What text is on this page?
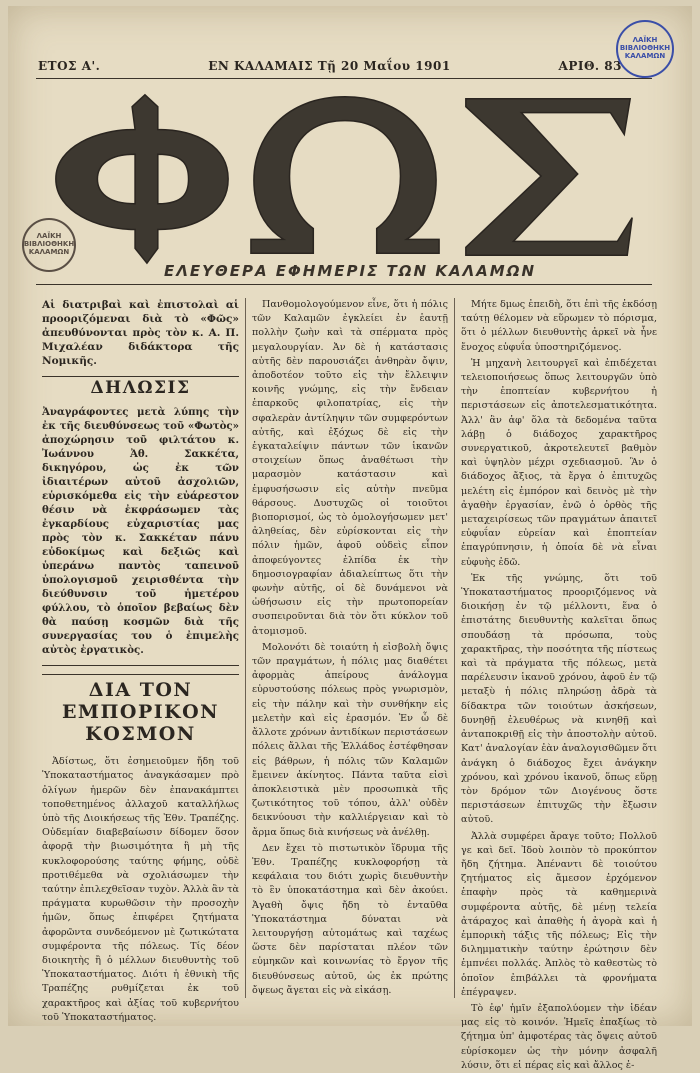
ΕΤΟΣ Α'.	ΕΝ ΚΑΛΑΜΑΙΣ Τῇ 20 Μαΐου 1901	ΑΡΙΘ. 83
ΛΑΪΚΗ ΒΙΒΛΙΟΘΗΚΗ ΚΑΛΑΜΩΝ
ΛΑΪΚΗ ΒΙΒΛΙΟΘΗΚΗ ΚΑΛΑΜΩΝ
ΕΛΕΥΘΕΡΑ ΕΦΗΜΕΡΙΣ ΤΩΝ ΚΑΛΑΜΩΝ
Αἱ διατριβαὶ καὶ ἐπιστολαὶ αἱ προοριζόμεναι διὰ τὸ «Φῶς» ἀπευθύνονται πρὸς τὸν κ. Α. Π. Μιχαλέαν διδάκτορα τῆς Νομικῆς.
ΔΗΛΩΣΙΣ
Ἀναγράφοντες μετὰ λύπης τὴν ἐκ τῆς διευθύνσεως τοῦ «Φωτὸς» ἀποχώρησιν τοῦ φιλτάτου κ. Ἰωάννου Ἀθ. Σακκέτα, δικηγόρου, ὡς ἐκ τῶν ἰδιαιτέρων αὐτοῦ ἀσχολιῶν, εὑρισκόμεθα εἰς τὴν εὐάρεστον θέσιν νὰ ἐκφράσωμεν τὰς ἐγκαρδίους εὐχαριστίας μας πρὸς τὸν κ. Σακκέταν πάνυ εὐδοκίμως καὶ δεξιῶς καὶ ὑπεράνω παντὸς ταπεινοῦ ὑπολογισμοῦ χειρισθέντα τὴν διεύθυνσιν τοῦ ἡμετέρου φύλλου, τὸ ὁποῖον βεβαίως δὲν θὰ παύσῃ κοσμῶν διὰ τῆς συνεργασίας του ὁ ἐπιμελὴς αὐτὸς ἐργατικὸς.
ΔΙΑ ΤΟΝ ΕΜΠΟΡΙΚΟΝ ΚΟΣΜΟΝ

Ἀδίστως, ὅτι ἐσημειοῦμεν ἤδη τοῦ Ὑποκαταστήματος ἀναγκάσαμεν πρὸ ὀλίγων ἡμερῶν δὲν ἐπανακάμπτει τοποθετημένος ἀλλαχοῦ καταλλήλως ὑπὸ τῆς Διοικήσεως τῆς Ἐθν. Τραπέζης. Οὐδεμίαν διαβεβαίωσιν δίδομεν ὅσον ἀφορᾷ τὴν βιωσιμότητα ἢ μὴ τῆς κυκλοφορούσης ταύτης φήμης, οὐδὲ προτιθέμεθα νὰ σχολιάσωμεν τὴν ταύτην ἐπιλεχθεῖσαν τυχὸν. Ἀλλὰ ἂν τὰ πράγματα κυρωθῶσιν τὴν προσοχὴν ἡμῶν, ὅπως ἐπιφέρει ζητήματα ἀφορῶντα συνδεόμενον μὲ ζωτικώτατα συμφέροντα τῆς πόλεως. Τίς δέον διοικητὴς ἢ ὁ μέλλων διευθυντὴς τοῦ Ὑποκαταστήματος. Διότι ἡ ἐθνικὴ τῆς Τραπέζης ρυθμίζεται ἐκ τοῦ χαρακτῆρος καὶ ἀξίας τοῦ κυβερνήτου τοῦ Ὑποκαταστήματος.

Πανθομολογούμενον εἶνε, ὅτι ἡ πόλις τῶν Καλαμῶν ἐγκλείει ἐν ἑαυτῇ πολλὴν ζωὴν καὶ τὰ σπέρματα πρὸς μεγαλουργίαν. Ἀν δὲ ἡ κατάστασις αὐτῆς δὲν παρουσιάζει ἀνθηρὰν ὄψιν, ἀποδοτέον τοῦτο εἰς τὴν ἔλλειψιν κοινῆς γνώμης, εἰς τὴν ἔνδειαν ἐπαρκοῦς φιλοπατρίας, εἰς τὴν σφαλερὰν ἀντίληψιν τῶν συμφερόντων αὐτῆς, καὶ ἐξόχως δὲ εἰς τὴν ἐγκαταλείψιν πάντων τῶν ἱκανῶν στοιχείων ὅπως ἀναθέτωσι τὴν μαρασμὸν κατάστασιν καὶ ἐμφυσήσωσιν εἰς αὐτὴν πνεῦμα θάρσους. Δυστυχῶς οἱ τοιοῦτοι βιοπορισμοί, ὡς τὸ ὁμολογήσωμεν μετ' ἀληθείας, δὲν εὐρίσκονται εἰς τὴν πόλιν ἡμῶν, ἀφοῦ οὐδεὶς εἶπον ἀποφεύγοντες ἐλπίδα ἐκ τὴν δημοσιογραφίαν ἀδιαλείπτως ὅτι τὴν φωνὴν αὐτῆς, οἱ δὲ δυνάμενοι νὰ ὠθήσωσιν εἰς τὴν πρωτοπορείαν συσπειροῦνται διὰ τὸν ὅτι κύκλον τοῦ ἀτομισμοῦ.

Μολονότι δὲ τοιαύτη ἡ εἰσβολὴ ὄψις τῶν πραγμάτων, ἡ πόλις μας διαθέτει ἀφορμὰς ἀπείρους ἀνάλογμα εὐρυστούσης πόλεως πρὸς γνωρισμὸν, εἰς τὴν πάλην καὶ τὴν συνθήκην εἰς μελετὴν καὶ εἰς ἐρασμόν. Ἐν ὧ δὲ ἄλλοτε χρόνων ἀντιδίκων περιστάσεων πόλεις ἄλλαι τῆς Ἑλλάδος ἐστέφθησαν εἰς βάθρων, ἡ πόλις τῶν Καλαμῶν ἔμεινεν ἀκίνητος. Πάντα ταῦτα εἰσὶ ἀποκλειστικὰ μὲν προσωπικὰ τῆς ζωτικότητος τοῦ τόπου, ἀλλ' οὐδὲν δεικνύουσι τὴν καλλιέργειαν καὶ τὸ ἄρμα ὅπως διὰ κινήσεως νὰ ἀνέλθῃ.

Δεν ἔχει τὸ πιστωτικὸν ἵδρυμα τῆς Ἐθν. Τραπέζης κυκλοφορήσῃ τὰ κεφάλαια του διότι χωρὶς διευθυντὴν τὸ ἓν ὑποκατάστημα καὶ δὲν ἀκούει. Ἀγαθὴ ὄψις ἤδη τὸ ἐνταῦθα Ὑποκατάστημα δύναται νὰ λειτουργήσῃ αὐτομάτως καὶ ταχέως ὥστε δὲν παρίσταται πλέον τῶν εὐμηκῶν καὶ κοινωνίας τὸ ἔργον τῆς διευθύνσεως αὐτοῦ, ὡς ἐκ πρώτης ὄψεως ἄγεται εἰς νὰ εἰκάσῃ.

Μήτε δμως ἐπειδὴ, ὅτι ἐπὶ τῆς ἐκδόσῃ ταύτῃ θέλομεν νὰ εὕρωμεν τὸ πόρισμα, ὅτι ὁ μέλλων διευθυντὴς ἀρκεῖ νὰ ἦνε ἔνοχος εὐφυΐα ὑποστηριζόμενος.

Ἡ μηχανὴ λειτουργεῖ καὶ ἐπιδέχεται τελειοποιήσεως ὅπως λειτουργῶν ὑπὸ τὴν ἐποπτείαν κυβερνήτου ἠ περιστάσεων εἰς ἀποτελεσματικότητα. Ἀλλ' ἂν ἀφ' ὅλα τὰ δεδομένα ταῦτα λάβῃ ὁ διάδοχος χαρακτῆρος συνεργατικοῦ, ἀκροτελευτεῖ βαθμὸν καὶ ὑψηλὸν μέχρι σχεδιασμοῦ. Ἂν ὁ διάδοχος ἄξιος, τὰ ἔργα ὁ ἐπιτυχῶς μελέτη εἰς ἐμπόρον καὶ δεινὸς μὲ τὴν ἀγαθὴν ἐργασίαν, ἐνῶ ὁ ὀρθὸς τῆς μεταχειρίσεως τῶν πραγμάτων ἀπαιτεῖ εὐφυΐαν εὐρείαν καὶ ἐποπτείαν ἐπαγρύπνησιν, ἡ ὁποία δὲ νὰ εἶναι εὐφυὴς ἐδῶ.

Ἐκ τῆς γνώμης, ὅτι τοῦ Ὑποκαταστήματος προοριζόμενος νὰ διοικήσῃ ἐν τῷ μέλλοντι, ἕνα ὁ ἐπιστάτης διευθυντὴς καλεῖται ὅπως σπουδάσῃ τὰ πρόσωπα, τοὺς χαρακτῆρας, τὴν ποσότητα τῆς πίστεως καὶ τὰ πράγματα τῆς πόλεως, μετὰ παρέλευσιν ἱκανοῦ χρόνου, ἀφοῦ ἐν τῷ μεταξὺ ἡ πόλις πληρώσῃ ἀδρὰ τὰ δίδακτρα τῶν τοιούτων ἀσκήσεων, δυνηθῇ ἐλευθέρως νὰ κινηθῇ καὶ ἀνταποκριθῇ εἰς τὴν ἀποστολὴν αὐτοῦ. Κατ' ἀναλογίαν ἐὰν ἀναλογισθῶμεν ὅτι ἀνάγκη ὁ διάδοχος ἔχει ἀνάγκην χρόνου, καὶ χρόνου ἱκανοῦ, ὅπως εὕρῃ τὸν δρόμον τῶν Διογένους ὅστε περιστάσεων ἐπιτυχῶς τὴν ἔξωσιν αὐτοῦ.

Ἀλλὰ συμφέρει ἄραγε τοῦτο; Πολλοῦ γε καὶ δεῖ. Ἰδοὺ λοιπὸν τὸ προκύπτον ἤδη ζήτημα. Ἀπέναντι δὲ τοιούτου ζητήματος εἰς ἄμεσον ἐρχόμενον ἐπαφὴν πρὸς τὰ καθημερινὰ συμφέροντα αὐτῆς, δὲ μένῃ τελεία ἀτάραχος καὶ ἀπαθὴς ἡ ἀγορὰ καὶ ἡ ἐμπορικὴ τάξις τῆς πόλεως; Εἰς τὴν διλημματικὴν ταύτην ἐρώτησιν δὲν ἐμπνέει πολλάς. Ἀπλὸς τὸ καθεστὼς τὸ ὁποῖον ἐπιβάλλει τὰ φρονήματα ἐπέγραψεν.

Τὸ ἐφ' ἡμῖν ἐξαπολύομεν τὴν ἰδέαν μας εἰς τὸ κοινόν. Ἡμεῖς ἐπαξίως τὸ ζήτημα ὑπ' ἀμφοτέρας τὰς ὄψεις αὐτοῦ εὑρίσκομεν ὡς τὴν μόνην ἀσφαλῆ λύσιν, ὅτι εἰ πέρας εἰς καὶ ἄλλος ἐ-
